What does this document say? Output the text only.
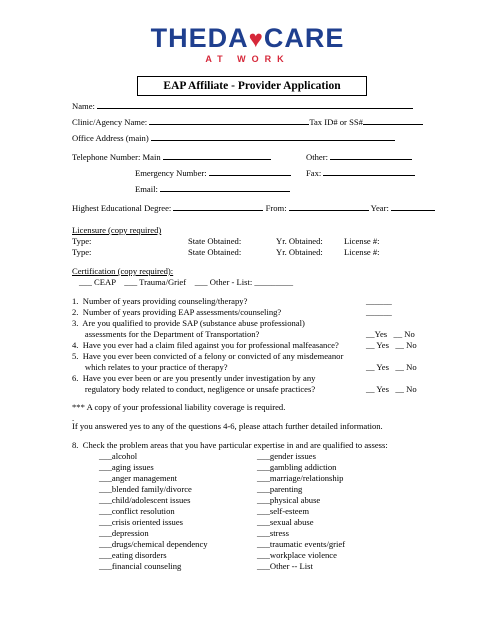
THEDA♥CARE
AT WORK
EAP Affiliate - Provider Application
Name:
Clinic/Agency Name:	Tax ID# or SS#
Office Address (main)
Telephone Number: Main	Other:
Emergency Number:	Fax:
Email:
Highest Educational Degree:	From:	Year:
Licensure (copy required)
Type:	State Obtained:	Yr. Obtained: License #:
Type:	State Obtained:	Yr. Obtained: License #:
Certification (copy required):
___ CEAP    ___ Trauma/Grief    ___ Other - List: _________
1.  Number of years providing counseling/therapy?	______
2.  Number of years providing EAP assessments/counseling?	______
3.  Are you qualified to provide SAP (substance abuse professional)
assessments for the Department of Transportation?	__Yes   __ No
4.  Have you ever had a claim filed against you for professional malfeasance?	__ Yes   __ No
5.  Have you ever been convicted of a felony or convicted of any misdemeanor
which relates to your practice of therapy?	__ Yes   __ No
6.  Have you ever been or are you presently under investigation by any
regulatory body related to conduct, negligence or unsafe practices?	__ Yes   __ No
*** A copy of your professional liability coverage is required.
.
If you answered yes to any of the questions 4-6, please attach further detailed information.
8.  Check the problem areas that you have particular expertise in and are qualified to assess:
___alcohol
___aging issues
___anger management
___blended family/divorce
___child/adolescent issues
___conflict resolution
___crisis oriented issues
___depression
___drugs/chemical dependency
___eating disorders
___financial counseling
___gender issues
___gambling addiction
___marriage/relationship
___parenting
___physical abuse
___self-esteem
___sexual abuse
___stress
___traumatic events/grief
___workplace violence
___Other -- List
